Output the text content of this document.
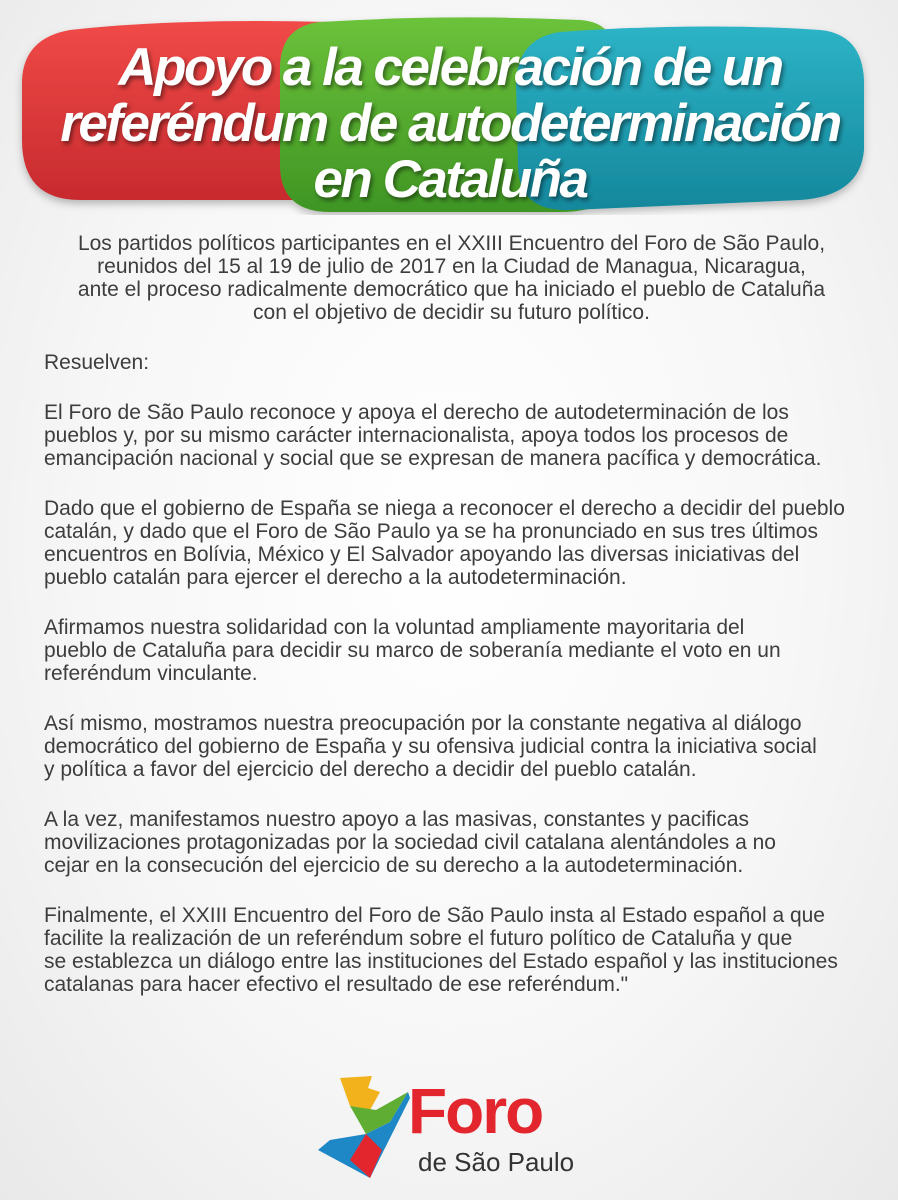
Apoyo a la celebración de un
referéndum de autodeterminación
en Cataluña

Los partidos políticos participantes en el XXIII Encuentro del Foro de São Paulo,
reunidos del 15 al 19 de julio de 2017 en la Ciudad de Managua, Nicaragua,
ante el proceso radicalmente democrático que ha iniciado el pueblo de Cataluña
con el objetivo de decidir su futuro político.

Resuelven:

El Foro de São Paulo reconoce y apoya el derecho de autodeterminación de los
pueblos y, por su mismo carácter internacionalista, apoya todos los procesos de
emancipación nacional y social que se expresan de manera pacífica y democrática.

Dado que el gobierno de España se niega a reconocer el derecho a decidir del pueblo
catalán, y dado que el Foro de São Paulo ya se ha pronunciado en sus tres últimos
encuentros en Bolívia, México y El Salvador apoyando las diversas iniciativas del
pueblo catalán para ejercer el derecho a la autodeterminación.

Afirmamos nuestra solidaridad con la voluntad ampliamente mayoritaria del
pueblo de Cataluña para decidir su marco de soberanía mediante el voto en un
referéndum vinculante.

Así mismo, mostramos nuestra preocupación por la constante negativa al diálogo
democrático del gobierno de España y su ofensiva judicial contra la iniciativa social
y política a favor del ejercicio del derecho a decidir del pueblo catalán.

A la vez, manifestamos nuestro apoyo a las masivas, constantes y pacificas
movilizaciones protagonizadas por la sociedad civil catalana alentándoles a no
cejar en la consecución del ejercicio de su derecho a la autodeterminación.

Finalmente, el XXIII Encuentro del Foro de São Paulo insta al Estado español a que
facilite la realización de un referéndum sobre el futuro político de Cataluña y que
se establezca un diálogo entre las instituciones del Estado español y las instituciones
catalanas para hacer efectivo el resultado de ese referéndum."

Foro

de São Paulo
